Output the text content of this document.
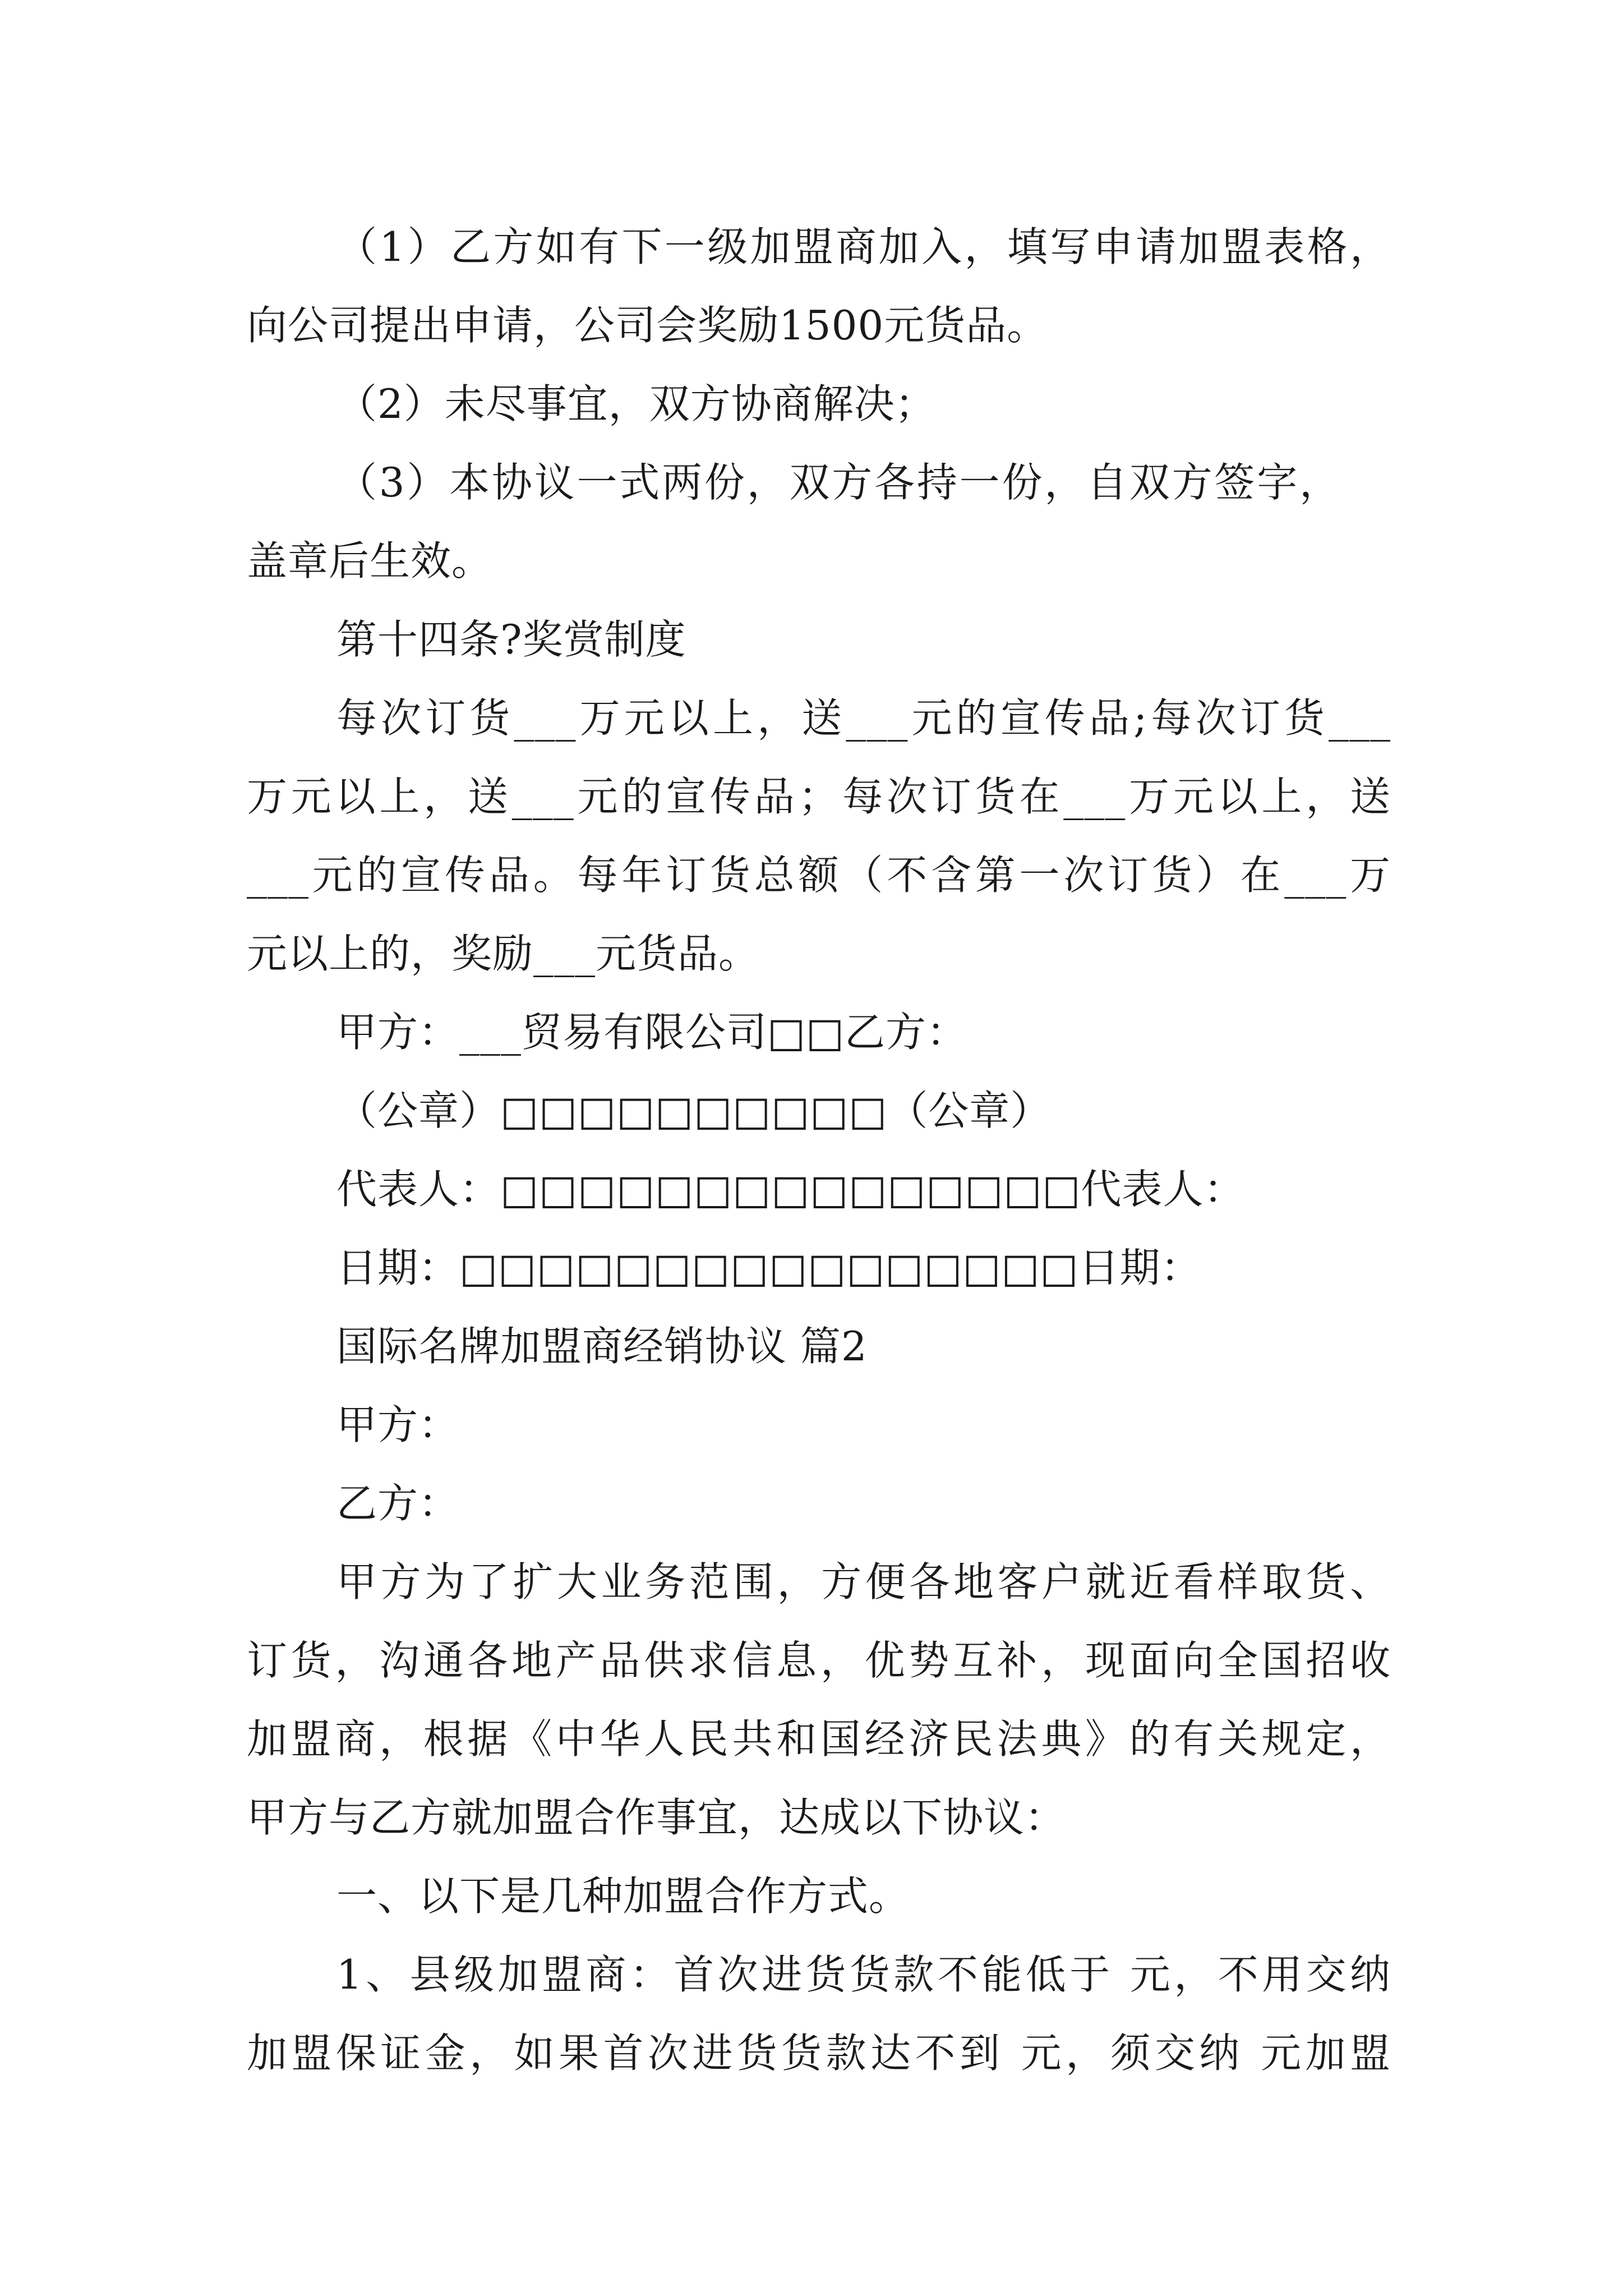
（1）乙方如有下一级加盟商加入，填写申请加盟表格，
向公司提出申请，公司会奖励1500元货品。
（2）未尽事宜，双方协商解决；
（3）本协议一式两份，双方各持一份，自双方签字，
盖章后生效。
第十四条?奖赏制度
每次订货___万元以上，送___元的宣传品;每次订货___
万元以上，送___元的宣传品；每次订货在___万元以上，送
___元的宣传品。每年订货总额（不含第一次订货）在___万
元以上的，奖励___元货品。
甲方：___贸易有限公司□□乙方：
（公章）□□□□□□□□□□（公章）
代表人：□□□□□□□□□□□□□□□代表人：
日期：□□□□□□□□□□□□□□□□日期：
国际名牌加盟商经销协议 篇2
甲方：
乙方：
甲方为了扩大业务范围，方便各地客户就近看样取货、
订货，沟通各地产品供求信息，优势互补，现面向全国招收
加盟商，根据《中华人民共和国经济民法典》的有关规定，
甲方与乙方就加盟合作事宜，达成以下协议：
一、以下是几种加盟合作方式。
1、县级加盟商：首次进货货款不能低于 元，不用交纳
加盟保证金，如果首次进货货款达不到 元，须交纳 元加盟
